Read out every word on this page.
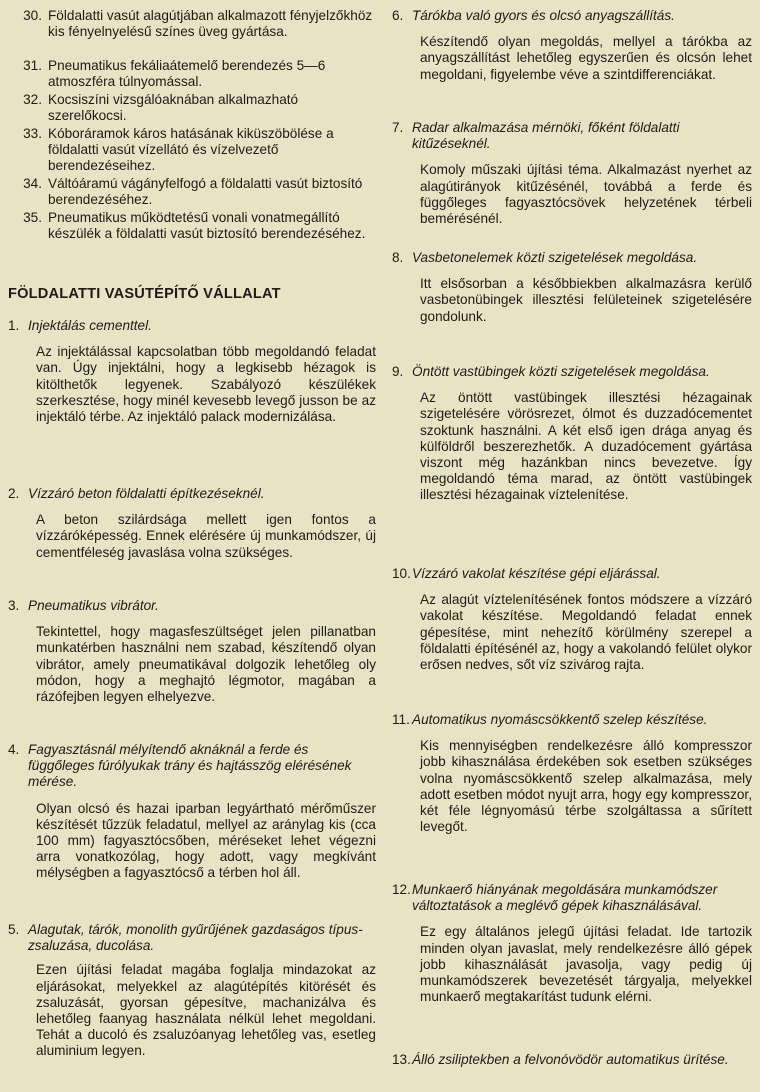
30. Földalatti vasút alagútjában alkalmazott fényjelzőkhöz kis fényelnyelésű színes üveg gyártása.
31. Pneumatikus fekáliaátemelő berendezés 5—6 atmoszféra túlnyomással.
32. Kocsiszíni vizsgálóaknában alkalmazható szerelőkocsi.
33. Kóboráramok káros hatásának kiküszöbölése a földalatti vasút vízellátó és vízelvezető berendezéseihez.
34. Váltóáramú vágányfelfogó a földalatti vasút biztosító berendezéséhez.
35. Pneumatikus működtetésű vonali vonatmegállító készülék a földalatti vasút biztosító berendezéséhez.
FÖLDALATTI VASÚTÉPÍTŐ VÁLLALAT
1. Injektálás cementtel.
Az injektálással kapcsolatban több megoldandó feladat van. Úgy injektálni, hogy a legkisebb hézagok is kitölthetők legyenek. Szabályozó készülékek szerkesztése, hogy minél kevesebb levegő jusson be az injektáló térbe. Az injektáló palack modernizálása.
2. Vízzáró beton földalatti építkezéseknél.
A beton szilárdsága mellett igen fontos a vízzáróképesség. Ennek elérésére új munkamódszer, új cementféleség javaslása volna szükséges.
3. Pneumatikus vibrátor.
Tekintettel, hogy magasfeszültséget jelen pillanatban munkatérben használni nem szabad, készítendő olyan vibrátor, amely pneumatikával dolgozik lehetőleg oly módon, hogy a meghajtó légmotor, magában a rázófejben legyen elhelyezve.
4. Fagyasztásnál mélyítendő aknáknál a ferde és függőleges fúrólyukak trány és hajtásszög elérésének mérése.
Olyan olcsó és hazai iparban legyártható mérőműszer készítését tűzzük feladatul, mellyel az aránylag kis (cca 100 mm) fagyasztócsőben, méréseket lehet végezni arra vonatkozólag, hogy adott, vagy megkívánt mélységben a fagyasztócső a térben hol áll.
5. Alagutak, tárók, monolith gyűrűjének gazdaságos típus-zsaluzása, ducolása.
Ezen újítási feladat magába foglalja mindazokat az eljárásokat, melyekkel az alagútépítés kitörését és zsaluzását, gyorsan gépesítve, machanizálva és lehetőleg faanyag használata nélkül lehet megoldani. Tehát a ducoló és zsaluzóanyag lehetőleg vas, esetleg aluminium legyen.
6. Tárókba való gyors és olcsó anyagszállítás.
Készítendő olyan megoldás, mellyel a tárókba az anyagszállítást lehetőleg egyszerűen és olcsón lehet megoldani, figyelembe véve a szintdifferenciákat.
7. Radar alkalmazása mérnöki, főként földalatti kitűzéseknél.
Komoly műszaki újítási téma. Alkalmazást nyerhet az alagútirányok kitűzésénél, továbbá a ferde és függőleges fagyasztócsövek helyzetének térbeli bemérésénél.
8. Vasbetonelemek közti szigetelések megoldása.
Itt elsősorban a későbbiekben alkalmazásra kerülő vasbetonübingek illesztési felületeinek szigetelésére gondolunk.
9. Öntött vastübingek közti szigetelések megoldása.
Az öntött vastübingek illesztési hézagainak szigetelésére vörösrezet, ólmot és duzzadócementet szoktunk használni. A két első igen drága anyag és külföldről beszerezhetők. A duzadócement gyártása viszont még hazánkban nincs bevezetve. Így megoldandó téma marad, az öntött vastübingek illesztési hézagainak víztelenítése.
10. Vízzáró vakolat készítése gépi eljárással.
Az alagút víztelenítésének fontos módszere a vízzáró vakolat készítése. Megoldandó feladat ennek gépesítése, mint nehezítő körülmény szerepel a földalatti építésénél az, hogy a vakolandó felület olykor erősen nedves, sőt víz szivárog rajta.
11. Automatikus nyomáscsökkentő szelep készítése.
Kis mennyiségben rendelkezésre álló kompresszor jobb kihasználása érdekében sok esetben szükséges volna nyomáscsökkentő szelep alkalmazása, mely adott esetben módot nyujt arra, hogy egy kompresszor, két féle légnyomású térbe szolgáltassa a sűrített levegőt.
12. Munkaerő hiányának megoldására munkamódszer változtatások a meglévő gépek kihasználásával.
Ez egy általános jelegű újítási feladat. Ide tartozik minden olyan javaslat, mely rendelkezésre álló gépek jobb kihasználását javasolja, vagy pedig új munkamódszerek bevezetését tárgyalja, melyekkel munkaerő megtakarítást tudunk elérni.
13. Álló zsiliptekben a felvonóvödör automatikus ürítése.
